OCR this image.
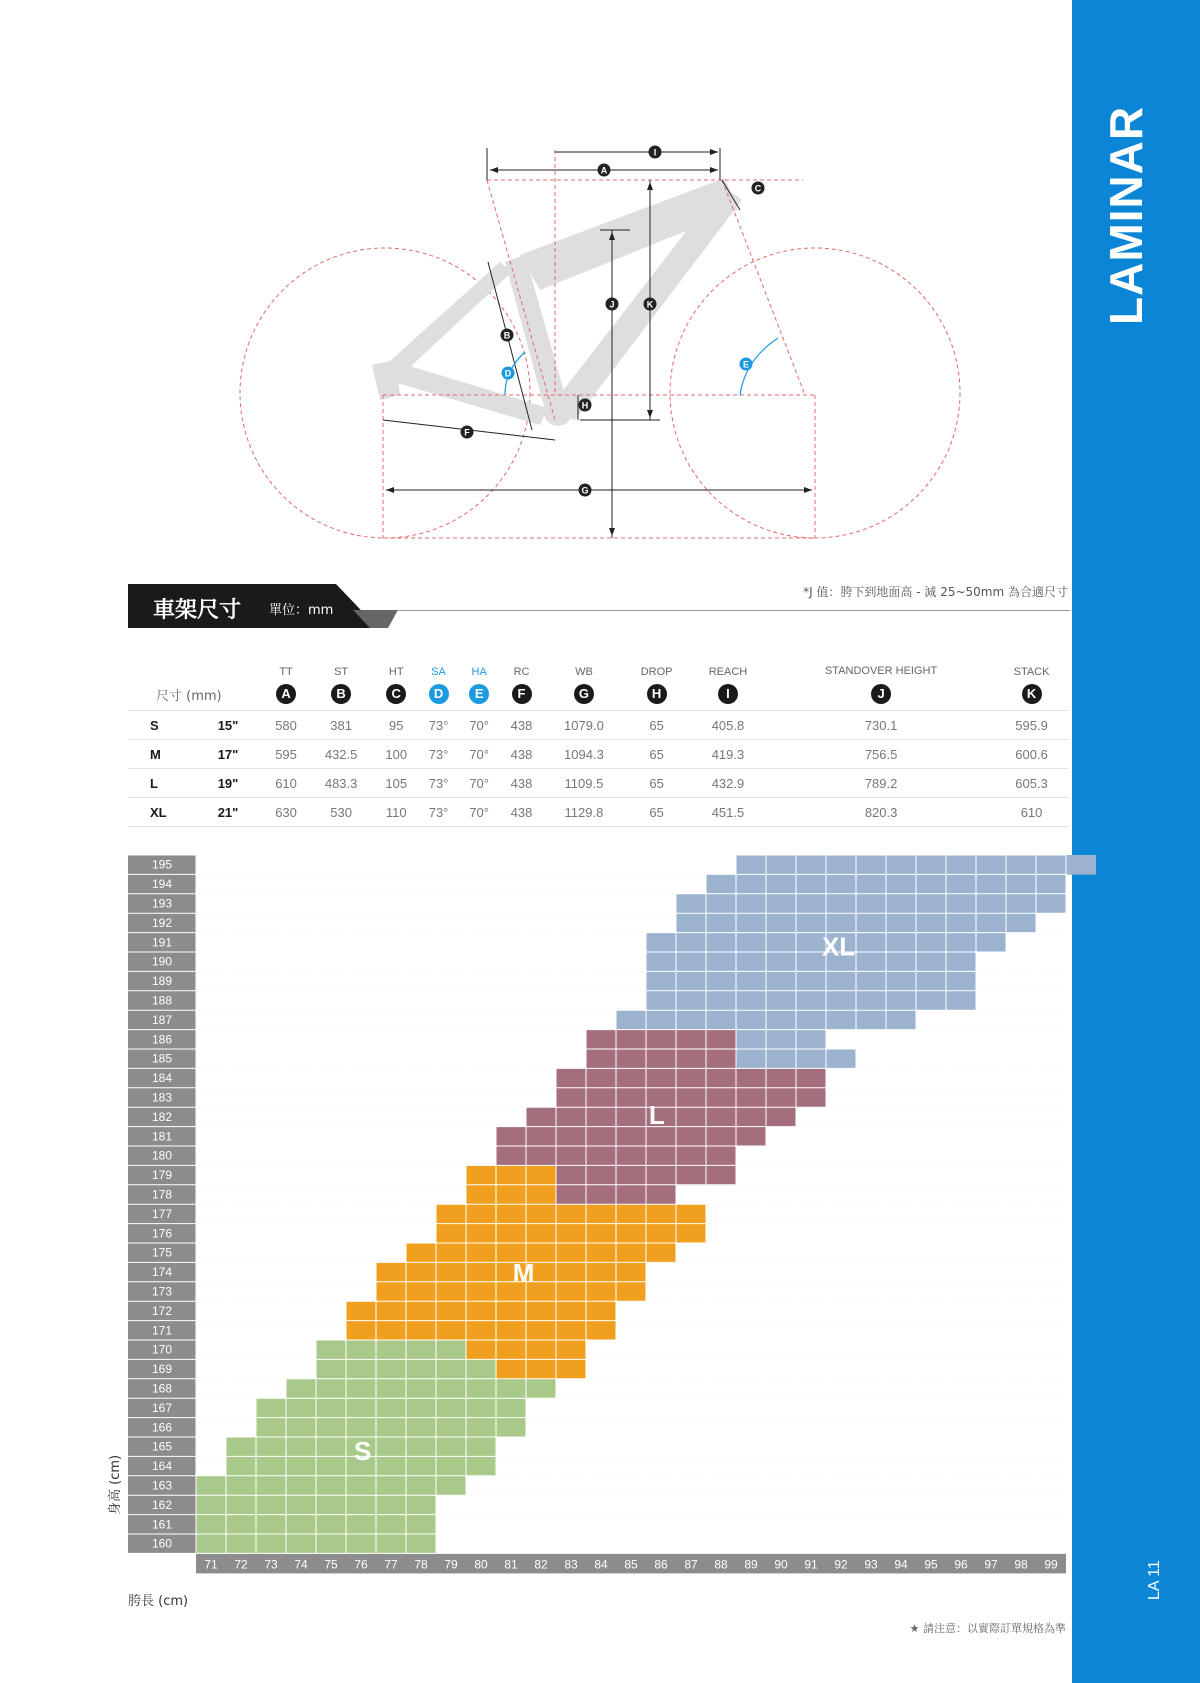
LAMINAR
LA 11
I
A
C
J	K
B
D
E
H
F
G
車架尺寸 單位：mm
*J 值：胯下到地面高 - 減 25~50mm 為合適尺寸
		TT	ST	HT	SA	HA	RC	WB	DROP	REACH	STANDOVER HEIGHT	STACK
尺寸 (mm)		A	B	C	D	E	F	G	H	I	J	K
S	15"	580	381	95	73°	70°	438	1079.0	65	405.8	730.1	595.9
M	17"	595	432.5	100	73°	70°	438	1094.3	65	419.3	756.5	600.6
L	19"	610	483.3	105	73°	70°	438	1109.5	65	432.9	789.2	605.3
XL	21"	630	530	110	73°	70°	438	1129.8	65	451.5	820.3	610
160
161
162
163
164
165
166
167
168
169
170
171
172
173
174
175
176
177
178
179
180
181
182
183
184
185
186
187
188
189
190
191
192
193
194
195
71 72 73 74 75 76 77 78 79 80 81 82 83 84 85 86 87 88 89 90 91 92 93 94 95 96 97 98 99
S
M
L
XL
身高 (cm)
胯長 (cm)
★ 請注意：以實際訂單規格為準
